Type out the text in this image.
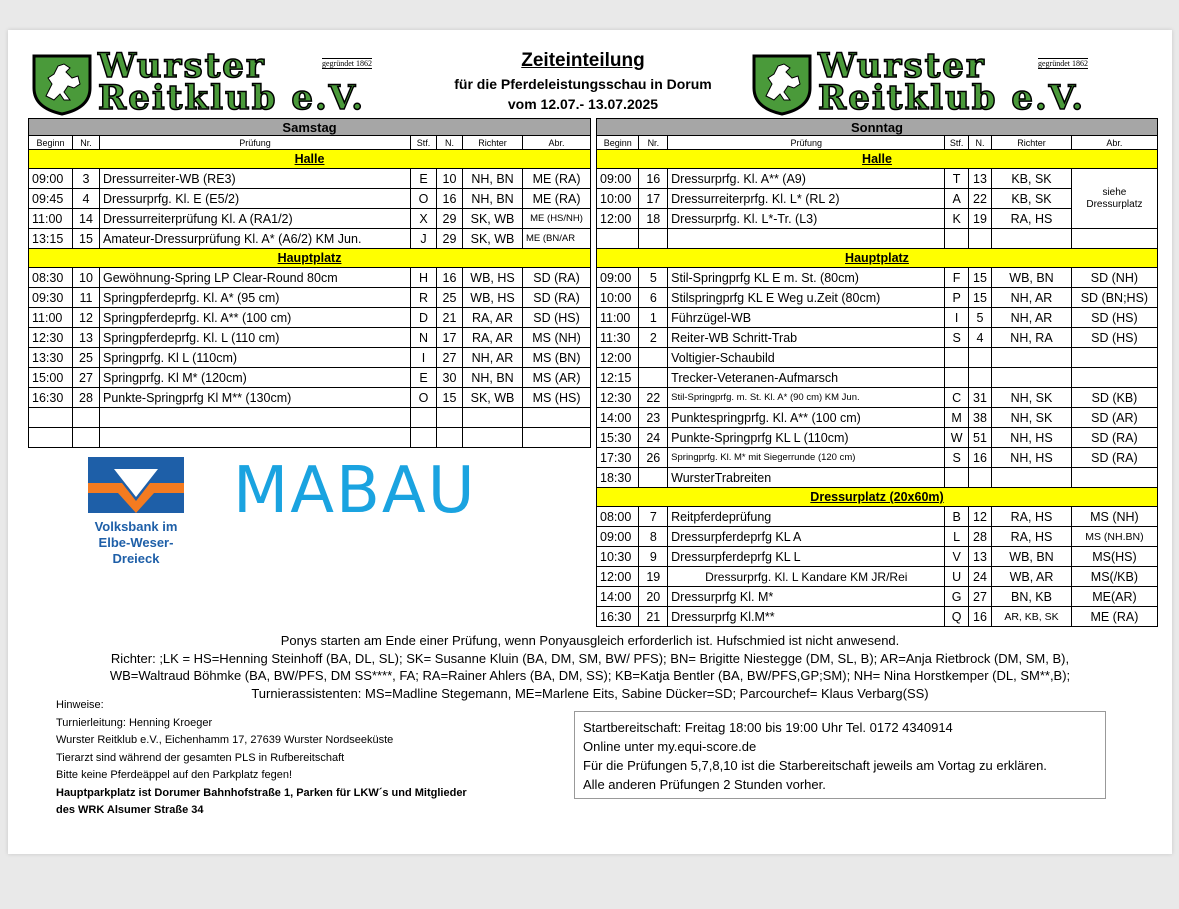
Wurster
Reitklub e.V.
gegründet 1862	Zeiteinteilung
für die Pferdeleistungsschau in Dorum
vom 12.07.- 13.07.2025
Wurster
Reitklub e.V.
gegründet 1862
Samstag						
Beginn	Nr.	Prüfung	Stf.	N.	Richter	Abr.
Halle						
09:00	3	Dressurreiter-WB (RE3)	E	10	NH, BN	ME (RA)
09:45	4	Dressurprfg. Kl. E (E5/2)	O	16	NH, BN	ME (RA)
11:00	14	Dressurreiterprüfung Kl. A (RA1/2)	X	29	SK, WB	ME (HS/NH)
13:15	15	Amateur-Dressurprüfung Kl. A* (A6/2) KM Jun.	J	29	SK, WB	ME (BN/AR
Hauptplatz						
08:30	10	Gewöhnung-Spring LP Clear-Round 80cm	H	16	WB, HS	SD (RA)
09:30	11	Springpferdeprfg. Kl. A* (95 cm)	R	25	WB, HS	SD (RA)
11:00	12	Springpferdeprfg. Kl. A** (100 cm)	D	21	RA, AR	SD (HS)
12:30	13	Springpferdeprfg. Kl. L (110 cm)	N	17	RA, AR	MS (NH)
13:30	25	Springprfg. Kl L (110cm)	I	27	NH, AR	MS (BN)
15:00	27	Springprfg. Kl M* (120cm)	E	30	NH, BN	MS (AR)
16:30	28	Punkte-Springprfg Kl M** (130cm)	O	15	SK, WB	MS (HS)

Sonntag						
Beginn	Nr.	Prüfung	Stf.	N.	Richter	Abr.
Halle						
09:00	16	Dressurprfg. Kl. A** (A9)	T	13	KB, SK	siehe Dressurplatz
10:00	17	Dressurreiterprfg. Kl. L* (RL 2)	A	22	KB, SK	
12:00	18	Dressurprfg. Kl. L*-Tr. (L3)	K	19	RA, HS	

Hauptplatz						
09:00	5	Stil-Springprfg KL E m. St. (80cm)	F	15	WB, BN	SD (NH)
10:00	6	Stilspringprfg KL E Weg u.Zeit (80cm)	P	15	NH, AR	SD (BN;HS)
11:00	1	Führzügel-WB	I	5	NH, AR	SD (HS)
11:30	2	Reiter-WB Schritt-Trab	S	4	NH, RA	SD (HS)
12:00		Voltigier-Schaubild				
12:15		Trecker-Veteranen-Aufmarsch				
12:30	22	Stil-Springprfg. m. St. Kl. A* (90 cm) KM Jun.	C	31	NH, SK	SD (KB)
14:00	23	Punktespringprfg. Kl. A** (100 cm)	M	38	NH, SK	SD (AR)
15:30	24	Punkte-Springprfg KL L (110cm)	W	51	NH, HS	SD (RA)
17:30	26	Springprfg. Kl. M* mit Siegerrunde (120 cm)	S	16	NH, HS	SD (RA)
18:30		WursterTrabreiten				
Dressurplatz (20x60m)						
08:00	7	Reitpferdeprüfung	B	12	RA, HS	MS (NH)
09:00	8	Dressurpferdeprfg KL A	L	28	RA, HS	MS (NH.BN)
10:30	9	Dressurpferdeprfg KL L	V	13	WB, BN	MS(HS)
12:00	19	Dressurprfg. Kl. L Kandare KM JR/Rei	U	24	WB, AR	MS(/KB)
14:00	20	Dressurprfg Kl. M*	G	27	BN, KB	ME(AR)
16:30	21	Dressurprfg Kl.M**	Q	16	AR, KB, SK	ME (RA)
Volksbank im
Elbe-Weser-Dreieck
MABAU
Ponys starten am Ende einer Prüfung, wenn Ponyausgleich erforderlich ist. Hufschmied ist nicht anwesend.
Richter: ;LK = HS=Henning Steinhoff (BA, DL, SL); SK= Susanne Kluin (BA, DM, SM, BW/ PFS); BN= Brigitte Niestegge (DM, SL, B); AR=Anja Rietbrock (DM, SM, B),
WB=Waltraud Böhmke (BA, BW/PFS, DM SS****, FA; RA=Rainer Ahlers (BA, DM, SS); KB=Katja Bentler (BA, BW/PFS,GP;SM); NH= Nina Horstkemper (DL, SM**,B);
Turnierassistenten: MS=Madline Stegemann, ME=Marlene Eits, Sabine Dücker=SD; Parcourchef= Klaus Verbarg(SS)
Hinweise:
Turnierleitung: Henning Kroeger
Wurster Reitklub e.V., Eichenhamm 17, 27639 Wurster Nordseeküste
Tierarzt sind während der gesamten PLS in Rufbereitschaft
Bitte keine Pferdeäppel auf den Parkplatz fegen!
Hauptparkplatz ist Dorumer Bahnhofstraße 1, Parken für LKW´s und Mitglieder
des WRK Alsumer Straße 34
Startbereitschaft: Freitag 18:00 bis 19:00 Uhr Tel. 0172 4340914
Online unter my.equi-score.de
Für die Prüfungen 5,7,8,10 ist die Starbereitschaft jeweils am Vortag zu erklären.
Alle anderen Prüfungen 2 Stunden vorher.
